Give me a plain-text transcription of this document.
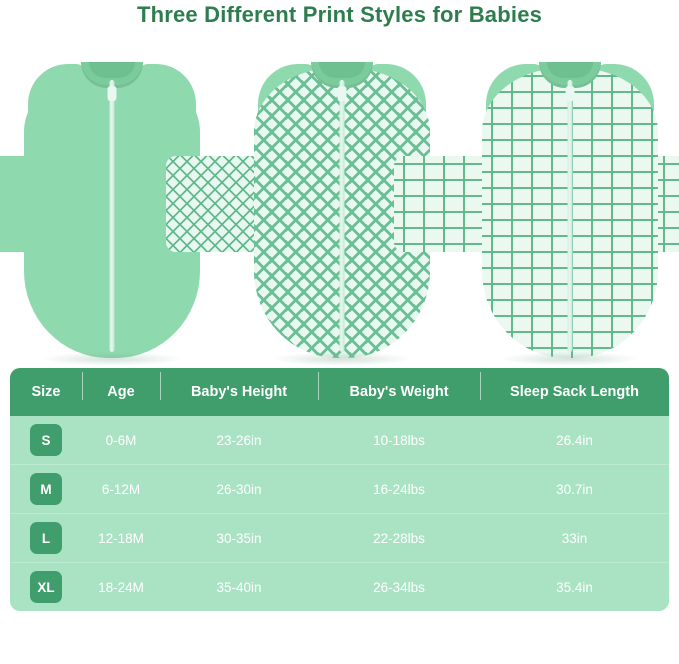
Three Different Print Styles for Babies
Size	Age	Baby's Height	Baby's Weight	Sleep Sack Length
S	0-6M	23-26in	10-18lbs	26.4in
M	6-12M	26-30in	16-24lbs	30.7in
L	12-18M	30-35in	22-28lbs	33in
XL	18-24M	35-40in	26-34lbs	35.4in
